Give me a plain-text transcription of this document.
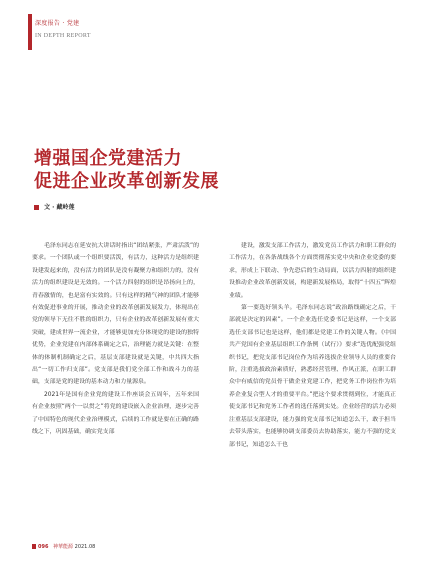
深度报告 · 党建
IN DEPTH REPORT
增强国企党建活力
促进企业改革创新发展
文 · 藏岭莲

毛泽东同志在延安抗大讲话时指出“团结紧张，严肃活泼”的要求。一个团队或一个组织要活泼，有活力，这种活力是组织建设建发起来的，没有活力的团队是没有凝聚力和组织力的，没有活力的组织建设是无效的。一个活力四射的组织是昂扬向上的，青春激情的，也是富有实效的。只有这样的精气神的团队才能够有效促进事业的开展，推动企业的改革创新发展发力，体现出在党的领导下无往不胜的组织力，只有企业的改革创新发展有重大突破，建成世界一流企业，才能够更加充分体现党的建设的独特优势，企业党建在内部体系确定之后，治理能力就是关键：在整体的体制机制确定之后，基层支部建设就是关键，中共四大指出“一切工作归支部”。党支部是我们党全部工作和战斗力的基础，支部是党的建设的基本动力和力量源泉。

2021年是国有企业党的建设工作座谈会五周年，五年来国有企业按照“两个一以贯之”将党的建设嵌入企业治理，逐步完善了中国特色的现代企业治理模式，后续的工作就是要在正确的路线之下，巩固基础，确实党支部

建设，激发支部工作活力，激发党员工作活力和职工群众的工作活力，在各条战线各个方面贯彻落实党中央和企业党委的要求，形成上下联动、争先恐后的生动局面，以活力四射的组织建设推动企业改革创新发展，构建新发展格局，取得“十四五”辉煌业绩。

第一要选好领头羊。毛泽东同志说“政治路线确定之后，干部就是决定的因素”。一个企业选任党委书记是这样，一个支部选任支部书记也是这样，他们都是党建工作的关键人物。《中国共产党国有企业基层组织工作条例（试行）》要求“选优配强党组织书记，把党支部书记岗位作为培养选拔企业领导人员的重要台阶，注重选拔政治素质好，熟悉经营管理、作风正派，在职工群众中有威信的党员骨干做企业党建工作，把党务工作岗位作为培养企业复合型人才的重要平台。”把这个要求贯彻到位，才能真正使支部书记和党务工作者的选任落到实处。企业经营的活力必须注重基层支部建设，能力强的党支部书记知道怎么干，敢于担当去带头落实，也能够协调支部委员去协助落实，能力不强的党支部书记，知道怎么干也

096 神華能源 2021.08
